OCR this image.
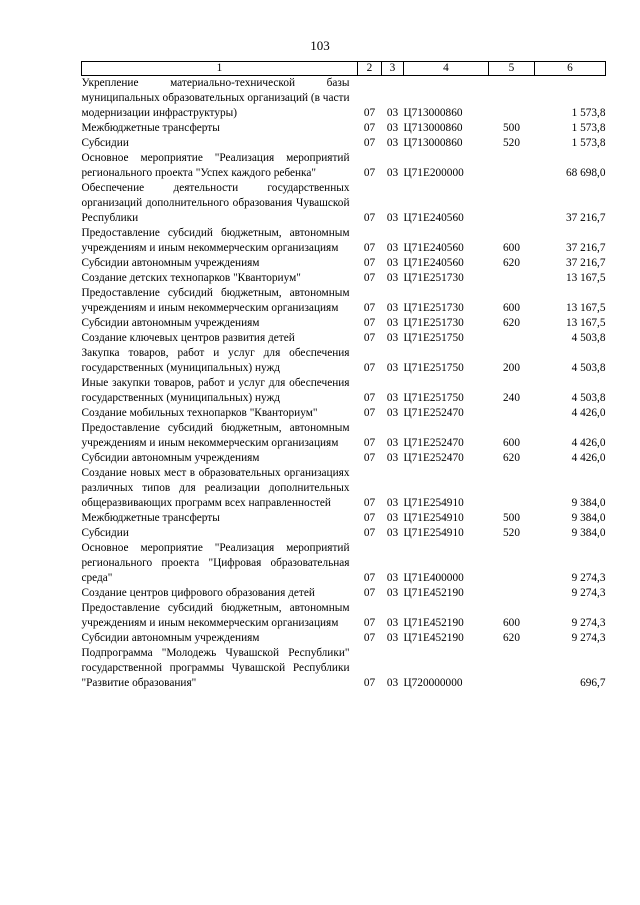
103
1	2	3	4	5	6
Укрепление материально-технической базы муниципальных образовательных организаций (в части модернизации инфраструктуры)	07	03	Ц713000860		1 573,8
Межбюджетные трансферты	07	03	Ц713000860	500	1 573,8
Субсидии	07	03	Ц713000860	520	1 573,8
Основное мероприятие "Реализация мероприятий регионального проекта "Успех каждого ребенка"	07	03	Ц71Е200000		68 698,0
Обеспечение деятельности государственных организаций дополнительного образования Чувашской Республики	07	03	Ц71Е240560		37 216,7
Предоставление субсидий бюджетным, автономным учреждениям и иным некоммерческим организациям	07	03	Ц71Е240560	600	37 216,7
Субсидии автономным учреждениям	07	03	Ц71Е240560	620	37 216,7
Создание детских технопарков "Кванториум"	07	03	Ц71Е251730		13 167,5
Предоставление субсидий бюджетным, автономным учреждениям и иным некоммерческим организациям	07	03	Ц71Е251730	600	13 167,5
Субсидии автономным учреждениям	07	03	Ц71Е251730	620	13 167,5
Создание ключевых центров развития детей	07	03	Ц71Е251750		4 503,8
Закупка товаров, работ и услуг для обеспечения государственных (муниципальных) нужд	07	03	Ц71Е251750	200	4 503,8
Иные закупки товаров, работ и услуг для обеспечения государственных (муниципальных) нужд	07	03	Ц71Е251750	240	4 503,8
Создание мобильных технопарков "Кванториум"	07	03	Ц71Е252470		4 426,0
Предоставление субсидий бюджетным, автономным учреждениям и иным некоммерческим организациям	07	03	Ц71Е252470	600	4 426,0
Субсидии автономным учреждениям	07	03	Ц71Е252470	620	4 426,0
Создание новых мест в образовательных организациях различных типов для реализации дополнительных общеразвивающих программ всех направленностей	07	03	Ц71Е254910		9 384,0
Межбюджетные трансферты	07	03	Ц71Е254910	500	9 384,0
Субсидии	07	03	Ц71Е254910	520	9 384,0
Основное мероприятие "Реализация мероприятий регионального проекта "Цифровая образовательная среда"	07	03	Ц71Е400000		9 274,3
Создание центров цифрового образования детей	07	03	Ц71Е452190		9 274,3
Предоставление субсидий бюджетным, автономным учреждениям и иным некоммерческим организациям	07	03	Ц71Е452190	600	9 274,3
Субсидии автономным учреждениям	07	03	Ц71Е452190	620	9 274,3
Подпрограмма "Молодежь Чувашской Республики" государственной программы Чувашской Республики "Развитие образования"	07	03	Ц720000000		696,7
